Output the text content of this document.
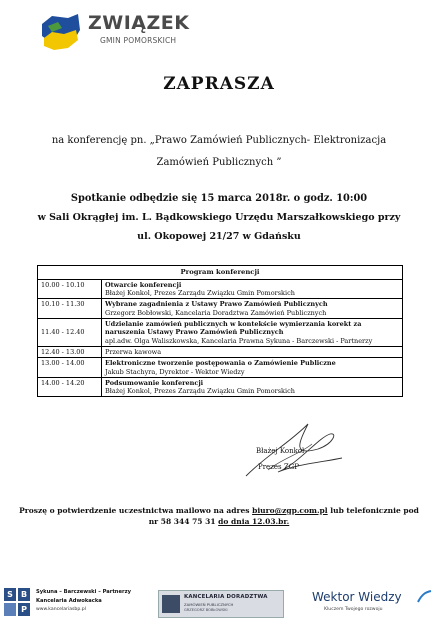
ZWIĄZEK
GMIN POMORSKICH
ZAPRASZA
na konferencję pn. „Prawo Zamówień Publicznych- Elektronizacja
Zamówień Publicznych ”
Spotkanie odbędzie się 15 marca 2018r. o godz. 10:00
w Sali Okrągłej im. L. Bądkowskiego Urzędu Marszałkowskiego przy
ul. Okopowej 21/27 w Gdańsku
Program konferencji	
10.00 - 10.10	Otwarcie konferencji
Błażej Konkol, Prezes Zarządu Związku Gmin Pomorskich

10.10 - 11.30	Wybrane zagadnienia z Ustawy Prawo Zamówień Publicznych
Grzegorz Bobłowski, Kancelaria Doradztwa Zamówień Publicznych

11.40 - 12.40	Udzielanie zamówień publicznych w kontekście wymierzania korekt za naruszenia Ustawy Prawo Zamówień Publicznych
apl.adw. Olga Waliszkowska, Kancelaria Prawna Sykuna - Barczewski - Partnerzy

12.40 - 13.00	Przerwa kawowa

13.00 - 14.00	Elektroniczne tworzenie postępowania o Zamówienie Publiczne
Jakub Stachyra, Dyrektor - Wektor Wiedzy

14.00 - 14.20	Podsumowanie konferencji
Błażej Konkol, Prezes Zarządu Związku Gmin Pomorskich
Błażej Konkol
Prezes ZGP
Proszę o potwierdzenie uczestnictwa mailowo na adres biuro@zgp.com.pl lub telefonicznie pod
nr 58 344 75 31 do dnia 12.03.br.
S	B
P
Sykuna – Barczewski – Partnerzy
Kancelaria Adwokacka
www.kancelariasbp.pl
KANCELARIA DORADZTWA
ZAMÓWIEŃ PUBLICZNYCH
GRZEGORZ BOBŁOWSKI
Wektor Wiedzy
Kluczem Twojego rozwoju
